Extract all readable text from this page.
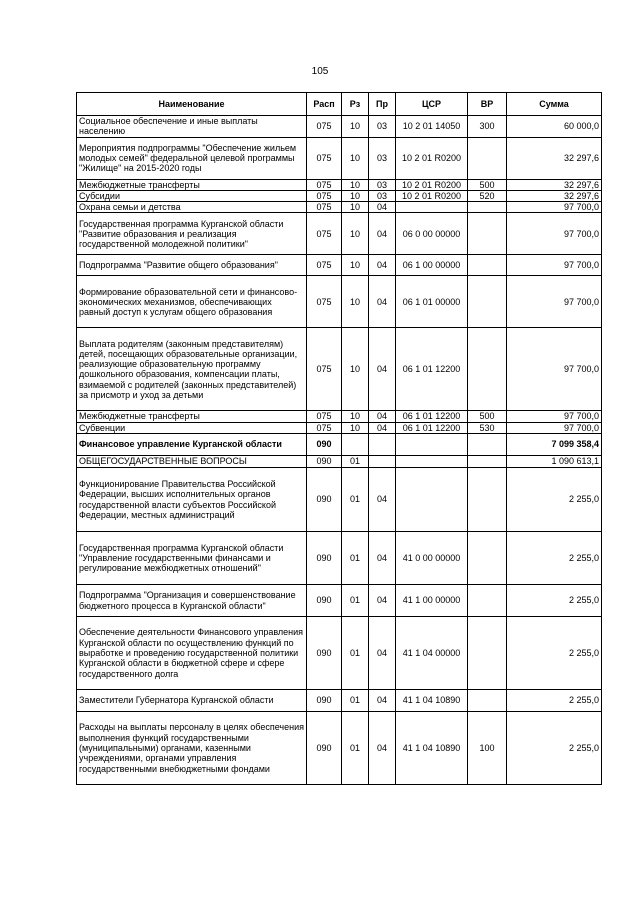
105
Наименование	Расп	Рз	Пр	ЦСР	ВР	Сумма
Социальное обеспечение и иные выплаты населению	075	10	03	10 2 01 14050	300	60 000,0
Мероприятия подпрограммы "Обеспечение жильем молодых семей" федеральной целевой программы "Жилище" на 2015-2020 годы	075	10	03	10 2 01 R0200		32 297,6
Межбюджетные трансферты	075	10	03	10 2 01 R0200	500	32 297,6
Субсидии	075	10	03	10 2 01 R0200	520	32 297,6
Охрана семьи и детства	075	10	04			97 700,0
Государственная программа Курганской области "Развитие образования и реализация государственной молодежной политики"	075	10	04	06 0 00 00000		97 700,0
Подпрограмма "Развитие общего образования"	075	10	04	06 1 00 00000		97 700,0
Формирование образовательной сети и финансово-экономических механизмов, обеспечивающих равный доступ к услугам общего образования	075	10	04	06 1 01 00000		97 700,0
Выплата родителям (законным представителям) детей, посещающих образовательные организации, реализующие образовательную программу дошкольного образования, компенсации платы, взимаемой с родителей (законных представителей) за присмотр и уход за детьми	075	10	04	06 1 01 12200		97 700,0
Межбюджетные трансферты	075	10	04	06 1 01 12200	500	97 700,0
Субвенции	075	10	04	06 1 01 12200	530	97 700,0
Финансовое управление Курганской области	090					7 099 358,4
ОБЩЕГОСУДАРСТВЕННЫЕ ВОПРОСЫ	090	01				1 090 613,1
Функционирование Правительства Российской Федерации, высших исполнительных органов государственной власти субъектов Российской Федерации, местных администраций	090	01	04			2 255,0
Государственная программа Курганской области "Управление государственными финансами и регулирование межбюджетных отношений"	090	01	04	41 0 00 00000		2 255,0
Подпрограмма "Организация и совершенствование бюджетного процесса в Курганской области"	090	01	04	41 1 00 00000		2 255,0
Обеспечение деятельности Финансового управления Курганской области по осуществлению функций по выработке и проведению государственной политики Курганской области в бюджетной сфере и сфере государственного долга	090	01	04	41 1 04 00000		2 255,0
Заместители Губернатора Курганской области	090	01	04	41 1 04 10890		2 255,0
Расходы на выплаты персоналу в целях обеспечения выполнения функций государственными (муниципальными) органами, казенными учреждениями, органами управления государственными внебюджетными фондами	090	01	04	41 1 04 10890	100	2 255,0
